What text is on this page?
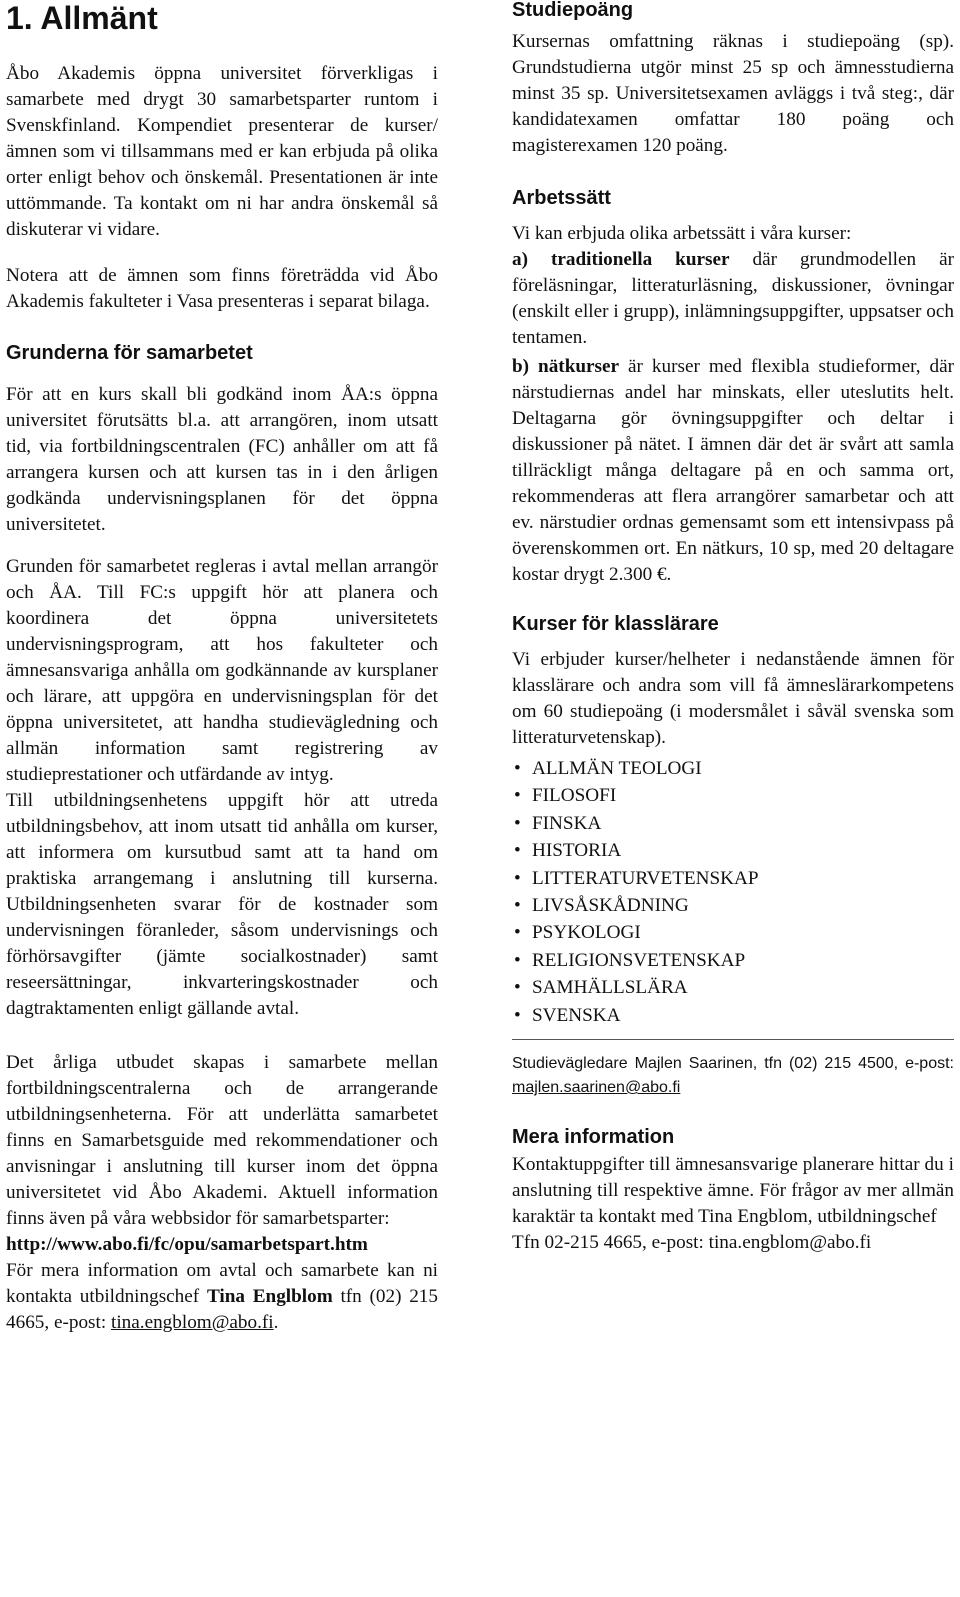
1. Allmänt

Åbo Akademis öppna universitet förverkligas i samarbete med drygt 30 samarbetsparter runtom i Svenskfinland. Kompendiet presenterar de kurser/ämnen som vi tillsammans med er kan erbjuda på olika orter enligt behov och önskemål. Presentationen är inte uttömmande. Ta kontakt om ni har andra önskemål så diskuterar vi vidare.

Notera att de ämnen som finns företrädda vid Åbo Akademis fakulteter i Vasa presenteras i separat bilaga.

Grunderna för samarbetet

För att en kurs skall bli godkänd inom ÅA:s öppna universitet förutsätts bl.a. att arrangören, inom utsatt tid, via fortbildningscentralen (FC) anhåller om att få arrangera kursen och att kursen tas in i den årligen godkända undervisningsplanen för det öppna universitetet.

Grunden för samarbetet regleras i avtal mellan arrangör och ÅA. Till FC:s uppgift hör att planera och koordinera det öppna universitetets undervisningsprogram, att hos fakulteter och ämnesansvariga anhålla om godkännande av kursplaner och lärare, att uppgöra en undervisningsplan för det öppna universitetet, att handha studievägledning och allmän information samt registrering av studieprestationer och utfärdande av intyg.

Till utbildningsenhetens uppgift hör att utreda utbildningsbehov, att inom utsatt tid anhålla om kurser, att informera om kursutbud samt att ta hand om praktiska arrangemang i anslutning till kurserna. Utbildningsenheten svarar för de kostnader som undervisningen föranleder, såsom undervisnings och förhörsavgifter (jämte socialkostnader) samt reseersättningar, inkvarteringskostnader och dagtraktamenten enligt gällande avtal.

Det årliga utbudet skapas i samarbete mellan fortbildningscentralerna och de arrangerande utbildningsenheterna. För att underlätta samarbetet finns en Samarbetsguide med rekommendationer och anvisningar i anslutning till kurser inom det öppna universitetet vid Åbo Akademi. Aktuell information finns även på våra webbsidor för samarbetsparter:

http://www.abo.fi/fc/opu/samarbetspart.htm

För mera information om avtal och samarbete kan ni kontakta utbildningschef Tina Englblom tfn (02) 215 4665, e-post: tina.engblom@abo.fi.

Studiepoäng

Kursernas omfattning räknas i studiepoäng (sp). Grundstudierna utgör minst 25 sp och ämnesstudierna minst 35 sp. Universitetsexamen avläggs i två steg:, där kandidatexamen omfattar 180 poäng och magisterexamen 120 poäng.

Arbetssätt

Vi kan erbjuda olika arbetssätt i våra kurser:

a) traditionella kurser där grundmodellen är föreläsningar, litteraturläsning, diskussioner, övningar (enskilt eller i grupp), inlämningsuppgifter, uppsatser och tentamen.

b) nätkurser är kurser med flexibla studieformer, där närstudiernas andel har minskats, eller uteslutits helt. Deltagarna gör övningsuppgifter och deltar i diskussioner på nätet. I ämnen där det är svårt att samla tillräckligt många deltagare på en och samma ort, rekommenderas att flera arrangörer samarbetar och att ev. närstudier ordnas gemensamt som ett intensivpass på överenskommen ort. En nätkurs, 10 sp, med 20 deltagare kostar drygt 2.300 €.

Kurser för klasslärare

Vi erbjuder kurser/helheter i nedanstående ämnen för klasslärare och andra som vill få ämneslärarkompetens om 60 studiepoäng (i modersmålet i såväl svenska som litteraturvetenskap).

• ALLMÄN TEOLOGI
• FILOSOFI
• FINSKA
• HISTORIA
• LITTERATURVETENSKAP
• LIVSÅSKÅDNING
• PSYKOLOGI
• RELIGIONSVETENSKAP
• SAMHÄLLSLÄRA
• SVENSKA
Studievägledare Majlen Saarinen, tfn (02) 215 4500, e-post: majlen.saarinen@abo.fi
Mera information

Kontaktuppgifter till ämnesansvarige planerare hittar du i anslutning till respektive ämne. För frågor av mer allmän karaktär ta kontakt med Tina Engblom, utbildningschef

Tfn 02-215 4665, e-post: tina.engblom@abo.fi
